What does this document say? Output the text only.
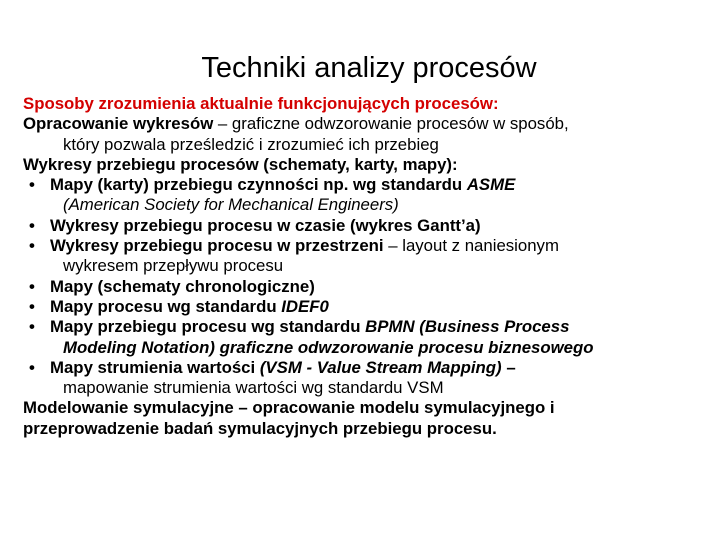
Techniki analizy procesów
Sposoby zrozumienia aktualnie funkcjonujących procesów:
Opracowanie wykresów – graficzne odwzorowanie procesów w sposób,
który pozwala prześledzić i zrozumieć ich przebieg
Wykresy przebiegu procesów (schematy, karty, mapy):
• Mapy (karty) przebiegu czynności np. wg standardu ASME
(American Society for Mechanical Engineers)
• Wykresy przebiegu procesu w czasie (wykres Gantt’a)
• Wykresy przebiegu procesu w przestrzeni – layout z naniesionym
wykresem przepływu procesu
• Mapy (schematy chronologiczne)
• Mapy procesu wg standardu IDEF0
• Mapy przebiegu procesu wg standardu BPMN (Business Process
Modeling Notation) graficzne odwzorowanie procesu biznesowego
• Mapy strumienia wartości (VSM - Value Stream Mapping) –
mapowanie strumienia wartości wg standardu VSM
Modelowanie symulacyjne – opracowanie modelu symulacyjnego i
przeprowadzenie badań symulacyjnych przebiegu procesu.
